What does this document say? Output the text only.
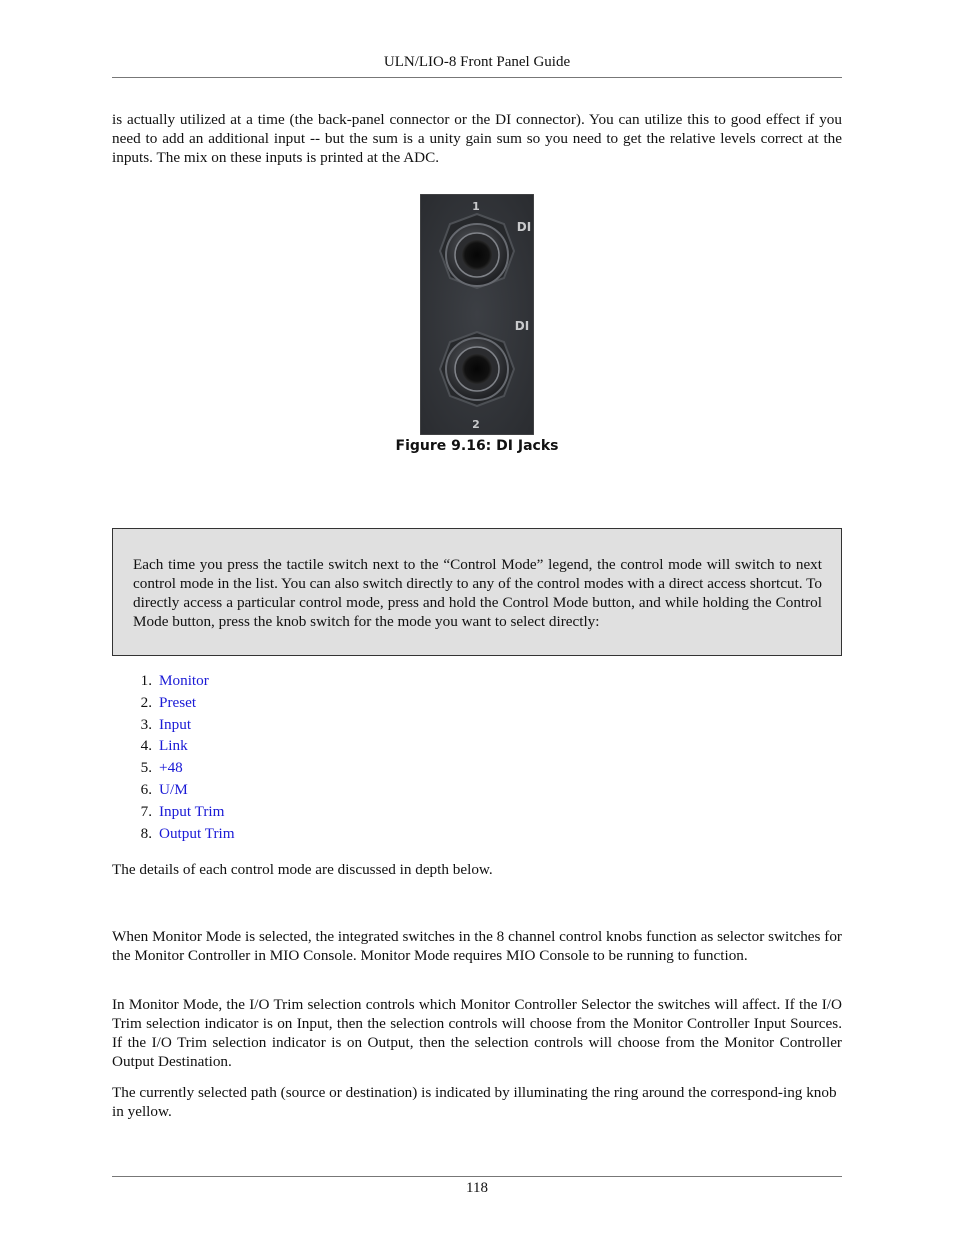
ULN/LIO-8 Front Panel Guide

is actually utilized at a time (the back-panel connector or the DI connector). You can utilize this to good effect if you need to add an additional input -- but the sum is a unity gain sum so you need to get the relative levels correct at the inputs. The mix on these inputs is printed at the ADC.

1
DI
DI
2
Figure 9.16: DI Jacks

Each time you press the tactile switch next to the “Control Mode” legend, the control mode will switch to next control mode in the list. You can also switch directly to any of the control modes with a direct access shortcut. To directly access a particular control mode, press and hold the Control Mode button, and while holding the Control Mode button, press the knob switch for the mode you want to select directly:

1. Monitor
2. Preset
3. Input
4. Link
5. +48
6. U/M
7. Input Trim
8. Output Trim

The details of each control mode are discussed in depth below.

When Monitor Mode is selected, the integrated switches in the 8 channel control knobs function as selector switches for the Monitor Controller in MIO Console. Monitor Mode requires MIO Console to be running to function.

In Monitor Mode, the I/O Trim selection controls which Monitor Controller Selector the switches will affect. If the I/O Trim selection indicator is on Input, then the selection controls will choose from the Monitor Controller Input Sources. If the I/O Trim selection indicator is on Output, then the selection controls will choose from the Monitor Controller Output Destination.

The currently selected path (source or destination) is indicated by illuminating the ring around the correspond-ing knob in yellow.

118
